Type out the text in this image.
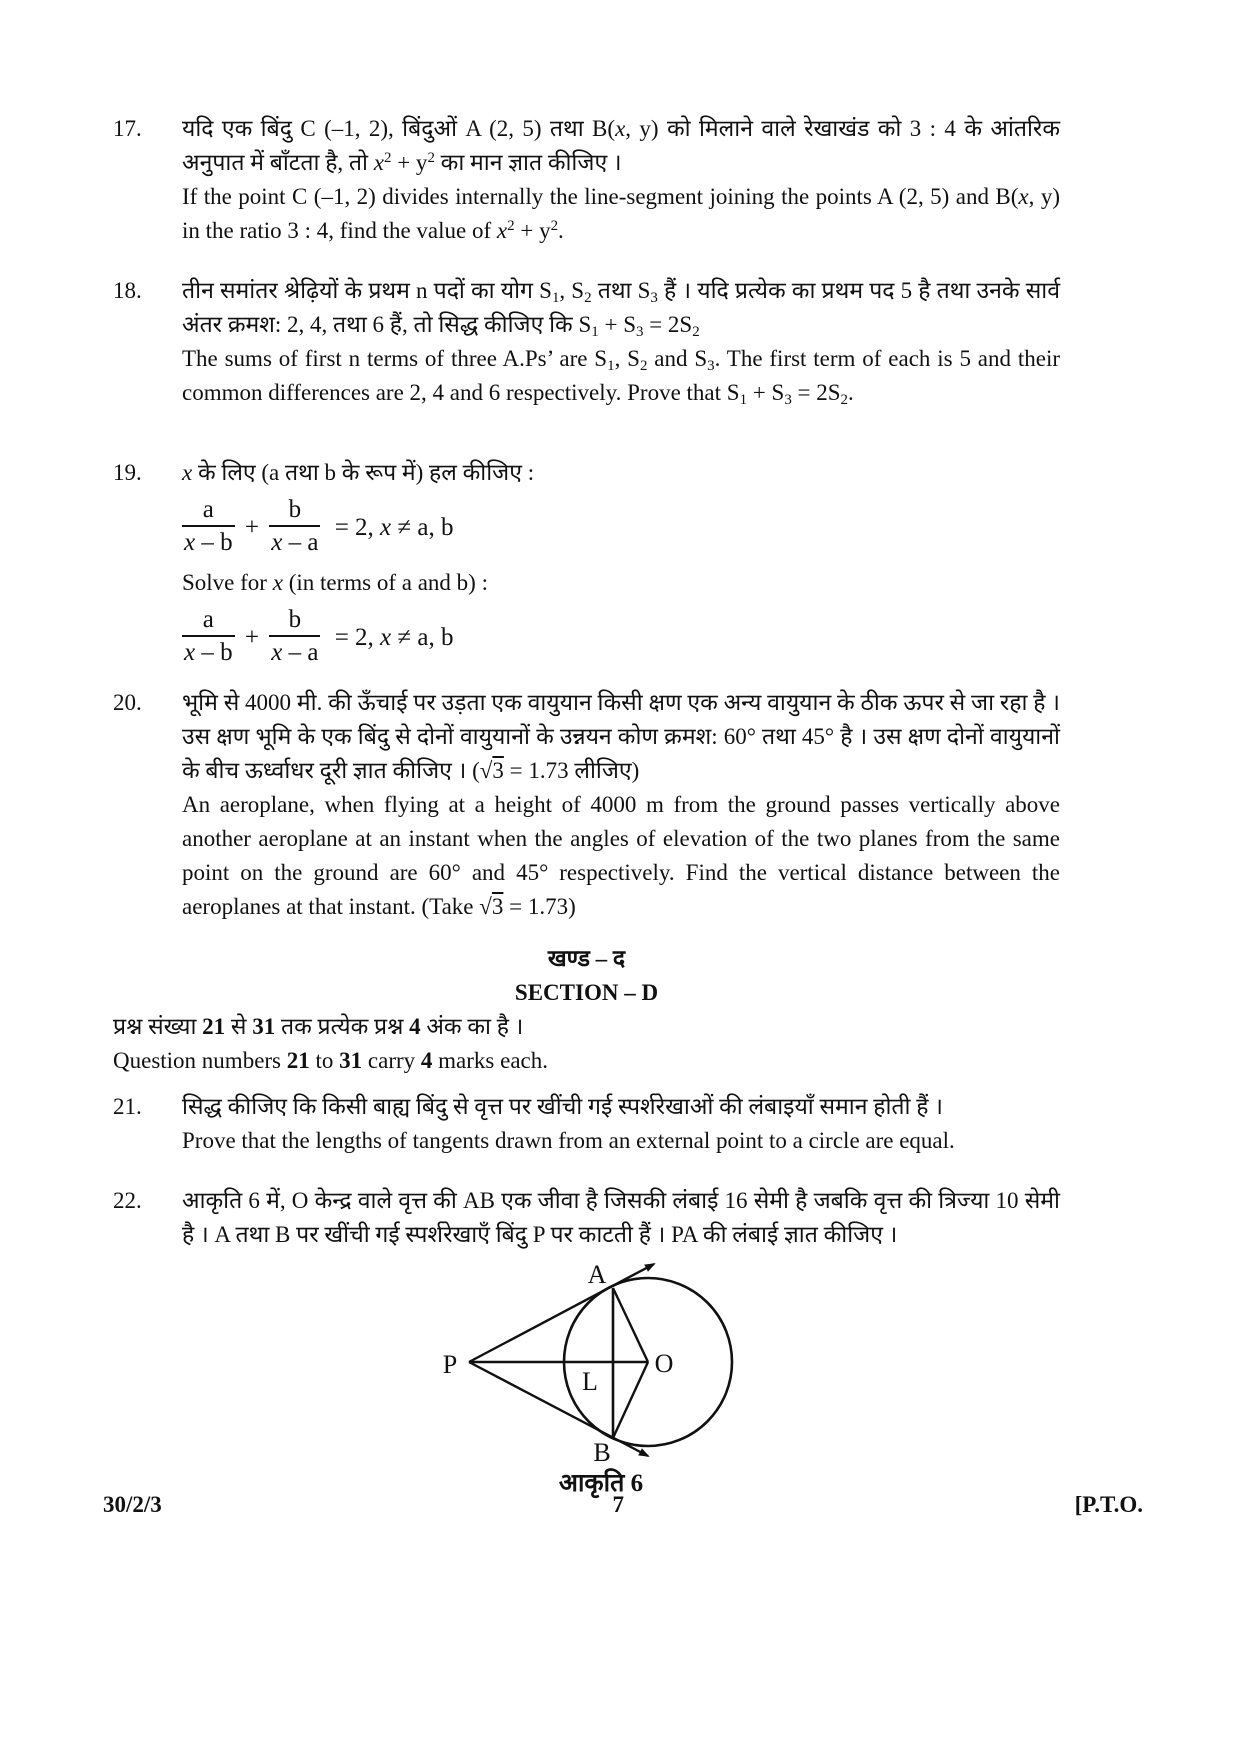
17.	यदि एक बिंदु C (–1, 2), बिंदुओं A (2, 5) तथा B(x, y) को मिलाने वाले रेखाखंड को 3 : 4 के आंतरिक अनुपात में बाँटता है, तो $x^2 + y^2$ का मान ज्ञात कीजिए ।

If the point C (–1, 2) divides internally the line-segment joining the points A (2, 5) and B(x, y) in the ratio 3 : 4, find the value of $x^2 + y^2$.

18.	तीन समांतर श्रेढ़ियों के प्रथम n पदों का योग $S_1$, $S_2$ तथा $S_3$ हैं । यदि प्रत्येक का प्रथम पद 5 है तथा उनके सार्व अंतर क्रमश: 2, 4, तथा 6 हैं, तो सिद्ध कीजिए कि $S_1 + S_3 = 2S_2$

The sums of first n terms of three A.Ps’ are $S_1$, $S_2$ and $S_3$. The first term of each is 5 and their common differences are 2, 4 and 6 respectively. Prove that $S_1 + S_3 = 2S_2$.

19.	x के लिए (a तथा b के रूप में) हल कीजिए :

$\frac{a}{x - b} + \frac{b}{x - a} = 2$, x ≠ a, b

Solve for x (in terms of a and b) :

$\frac{a}{x - b} + \frac{b}{x - a} = 2$, x ≠ a, b
20.	भूमि से 4000 मी. की ऊँचाई पर उड़ता एक वायुयान किसी क्षण एक अन्य वायुयान के ठीक ऊपर से जा रहा है । उस क्षण भूमि के एक बिंदु से दोनों वायुयानों के उन्नयन कोण क्रमश: 60° तथा 45° है । उस क्षण दोनों वायुयानों के बीच ऊर्ध्वाधर दूरी ज्ञात कीजिए । (√3 = 1.73 लीजिए)

An aeroplane, when flying at a height of 4000 m from the ground passes vertically above another aeroplane at an instant when the angles of elevation of the two planes from the same point on the ground are 60° and 45° respectively. Find the vertical distance between the aeroplanes at that instant. (Take √3 = 1.73)

खण्ड – द

SECTION – D

प्रश्न संख्या 21 से 31 तक प्रत्येक प्रश्न 4 अंक का है ।

Question numbers 21 to 31 carry 4 marks each.

21.	सिद्ध कीजिए कि किसी बाह्य बिंदु से वृत्त पर खींची गई स्पर्शरेखाओं की लंबाइयाँ समान होती हैं ।

Prove that the lengths of tangents drawn from an external point to a circle are equal.

22.	आकृति 6 में, O केन्द्र वाले वृत्त की AB एक जीवा है जिसकी लंबाई 16 सेमी है जबकि वृत्त की त्रिज्या 10 सेमी है । A तथा B पर खींची गई स्पर्शरेखाएँ बिंदु P पर काटती हैं । PA की लंबाई ज्ञात कीजिए ।

A
P	O
L
B
आकृति 6
30/2/3	7	[P.T.O.
